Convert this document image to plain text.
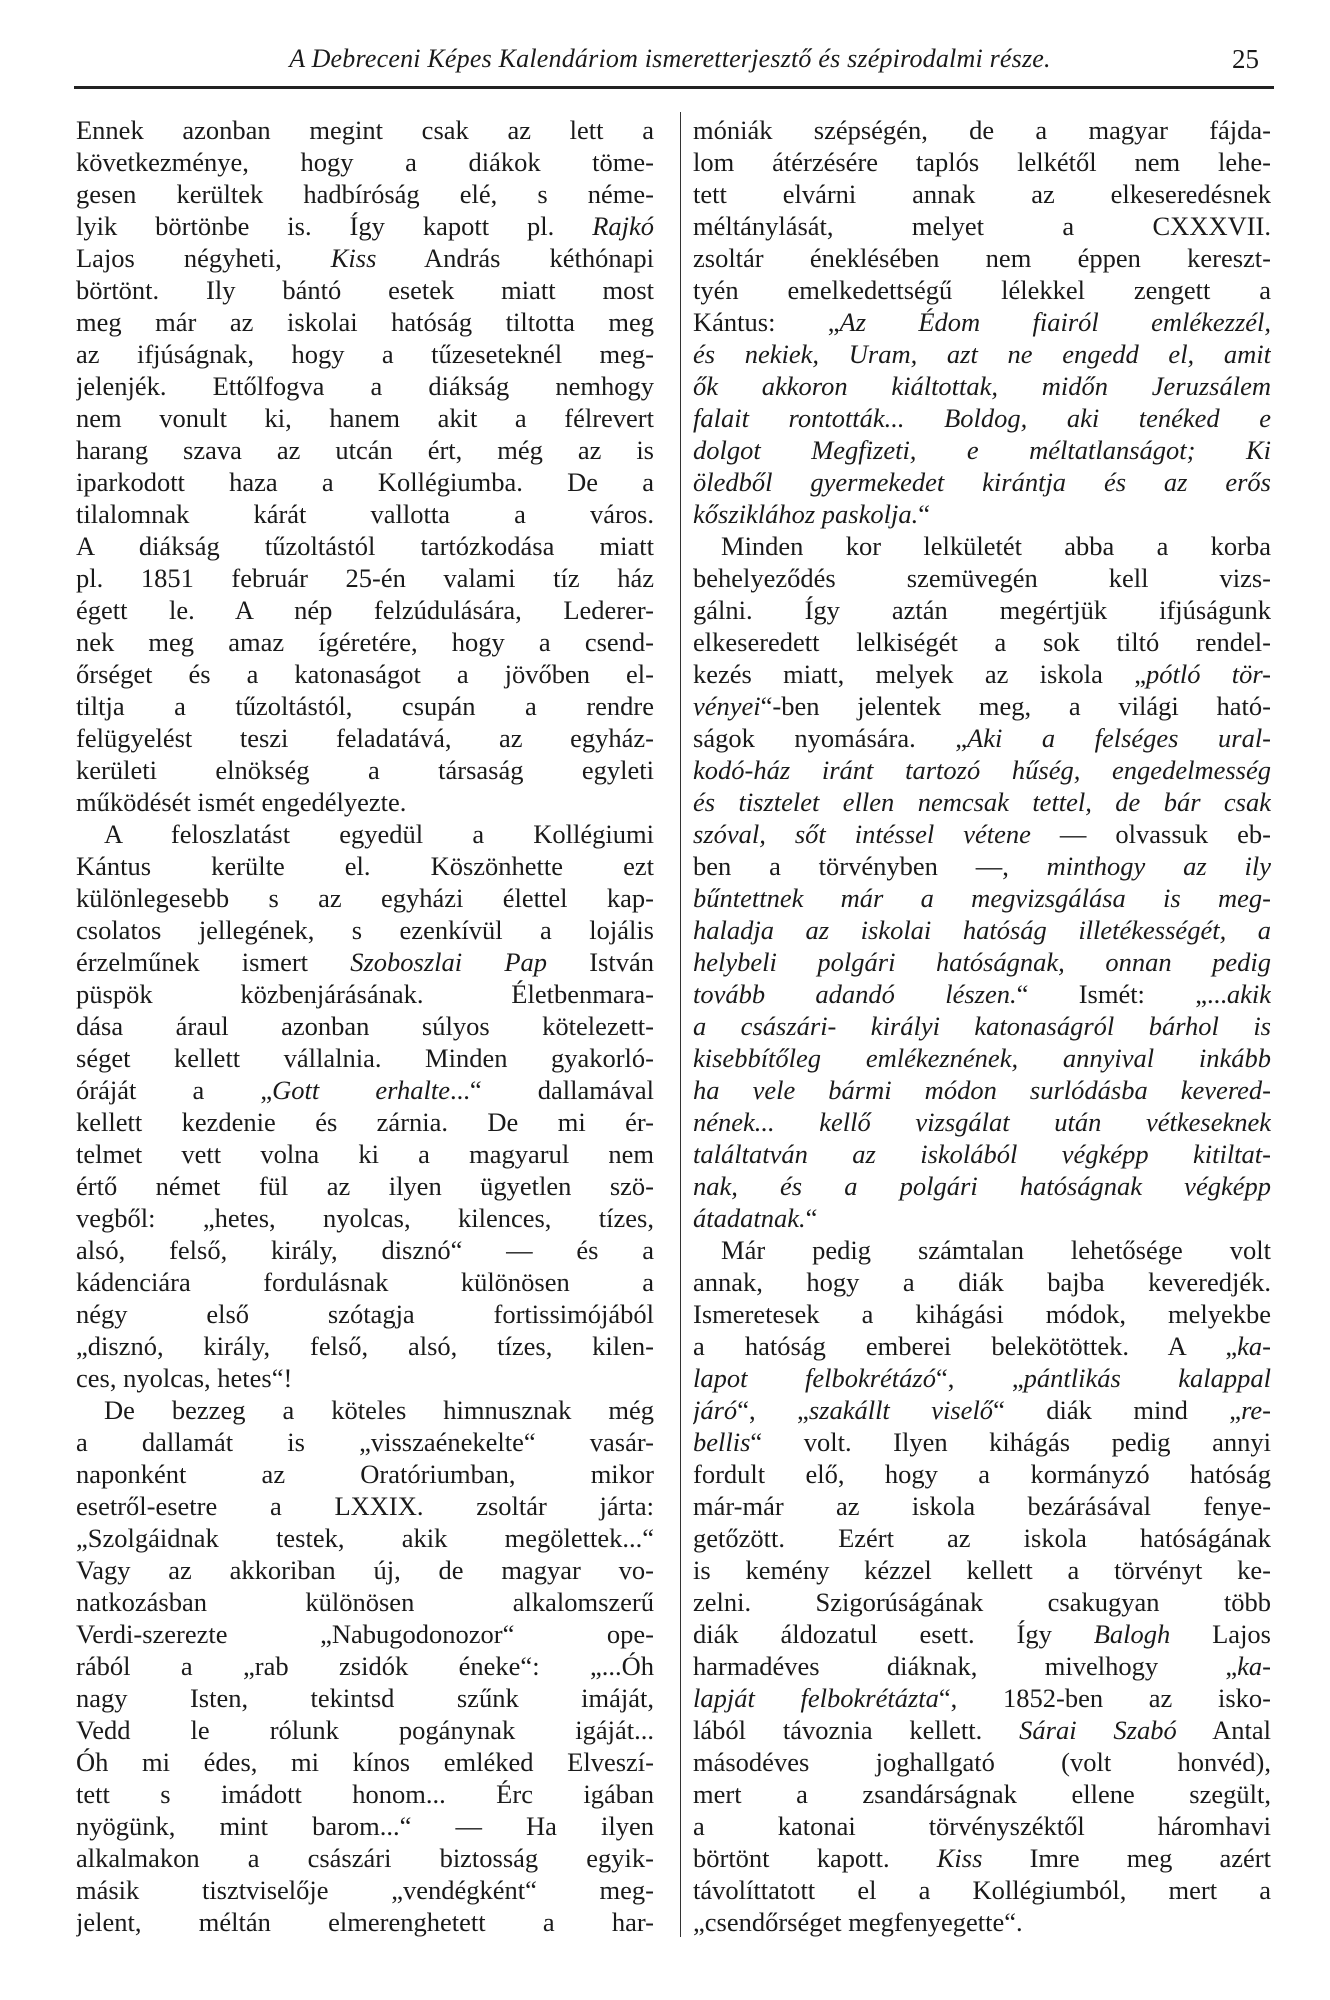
A Debreceni Képes Kalendáriom ismeretterjesztő és szépirodalmi része.	25
Ennek azonban megint csak az lett a
következménye, hogy a diákok töme-
gesen kerültek hadbíróság elé, s néme-
lyik börtönbe is. Így kapott pl. Rajkó
Lajos négyheti, Kiss András kéthónapi
börtönt. Ily bántó esetek miatt most
meg már az iskolai hatóság tiltotta meg
az ifjúságnak, hogy a tűzeseteknél meg-
jelenjék. Ettőlfogva a diákság nemhogy
nem vonult ki, hanem akit a félrevert
harang szava az utcán ért, még az is
iparkodott haza a Kollégiumba. De a
tilalomnak kárát vallotta a város.
A diákság tűzoltástól tartózkodása miatt
pl. 1851 február 25-én valami tíz ház
égett le. A nép felzúdulására, Lederer-
nek meg amaz ígéretére, hogy a csend-
őrséget és a katonaságot a jövőben el-
tiltja a tűzoltástól, csupán a rendre
felügyelést teszi feladatává, az egyház-
kerületi elnökség a társaság egyleti
működését ismét engedélyezte.
A feloszlatást egyedül a Kollégiumi
Kántus kerülte el. Köszönhette ezt
különlegesebb s az egyházi élettel kap-
csolatos jellegének, s ezenkívül a lojális
érzelműnek ismert Szoboszlai Pap István
püspök közbenjárásának. Életbenmara-
dása áraul azonban súlyos kötelezett-
séget kellett vállalnia. Minden gyakorló-
óráját a „Gott erhalte...“ dallamával
kellett kezdenie és zárnia. De mi ér-
telmet vett volna ki a magyarul nem
értő német fül az ilyen ügyetlen szö-
vegből: „hetes, nyolcas, kilences, tízes,
alsó, felső, király, disznó“ — és a
kádenciára fordulásnak különösen a
négy első szótagja fortissimójából
„disznó, király, felső, alsó, tízes, kilen-
ces, nyolcas, hetes“!
De bezzeg a köteles himnusznak még
a dallamát is „visszaénekelte“ vasár-
naponként az Oratóriumban, mikor
esetről-esetre a LXXIX. zsoltár járta:
„Szolgáidnak testek, akik megölettek...“
Vagy az akkoriban új, de magyar vo-
natkozásban különösen alkalomszerű
Verdi-szerezte „Nabugodonozor“ ope-
rából a „rab zsidók éneke“: „...Óh
nagy Isten, tekintsd szűnk imáját,
Vedd le rólunk pogánynak igáját...
Óh mi édes, mi kínos emléked Elveszí-
tett s imádott honom... Érc igában
nyögünk, mint barom...“ — Ha ilyen
alkalmakon a császári biztosság egyik-
másik tisztviselője „vendégként“ meg-
jelent, méltán elmerenghetett a har-
móniák szépségén, de a magyar fájda-
lom átérzésére taplós lelkétől nem lehe-
tett elvárni annak az elkeseredésnek
méltánylását, melyet a CXXXVII.
zsoltár éneklésében nem éppen kereszt-
tyén emelkedettségű lélekkel zengett a
Kántus: „Az Édom fiairól emlékezzél,
és nekiek, Uram, azt ne engedd el, amit
ők akkoron kiáltottak, midőn Jeruzsálem
falait rontották... Boldog, aki tenéked e
dolgot Megfizeti, e méltatlanságot; Ki
öledből gyermekedet kirántja és az erős
kősziklához paskolja.“
Minden kor lelkületét abba a korba
behelyeződés szemüvegén kell vizs-
gálni. Így aztán megértjük ifjúságunk
elkeseredett lelkiségét a sok tiltó rendel-
kezés miatt, melyek az iskola „pótló tör-
vényei“-ben jelentek meg, a világi ható-
ságok nyomására. „Aki a felséges ural-
kodó-ház iránt tartozó hűség, engedelmesség
és tisztelet ellen nemcsak tettel, de bár csak
szóval, sőt intéssel vétene — olvassuk eb-
ben a törvényben —, minthogy az ily
bűntettnek már a megvizsgálása is meg-
haladja az iskolai hatóság illetékességét, a
helybeli polgári hatóságnak, onnan pedig
tovább adandó lészen.“ Ismét: „...akik
a császári- királyi katonaságról bárhol is
kisebbítőleg emlékeznének, annyival inkább
ha vele bármi módon surlódásba kevered-
nének... kellő vizsgálat után vétkeseknek
találtatván az iskolából végképp kitiltat-
nak, és a polgári hatóságnak végképp
átadatnak.“
Már pedig számtalan lehetősége volt
annak, hogy a diák bajba keveredjék.
Ismeretesek a kihágási módok, melyekbe
a hatóság emberei belekötöttek. A „ka-
lapot felbokrétázó“, „pántlikás kalappal
járó“, „szakállt viselő“ diák mind „re-
bellis“ volt. Ilyen kihágás pedig annyi
fordult elő, hogy a kormányzó hatóság
már-már az iskola bezárásával fenye-
getőzött. Ezért az iskola hatóságának
is kemény kézzel kellett a törvényt ke-
zelni. Szigorúságának csakugyan több
diák áldozatul esett. Így Balogh Lajos
harmadéves diáknak, mivelhogy „ka-
lapját felbokrétázta“, 1852-ben az isko-
lából távoznia kellett. Sárai Szabó Antal
másodéves joghallgató (volt honvéd),
mert a zsandárságnak ellene szegült,
a katonai törvényszéktől háromhavi
börtönt kapott. Kiss Imre meg azért
távolíttatott el a Kollégiumból, mert a
„csendőrséget megfenyegette“.
